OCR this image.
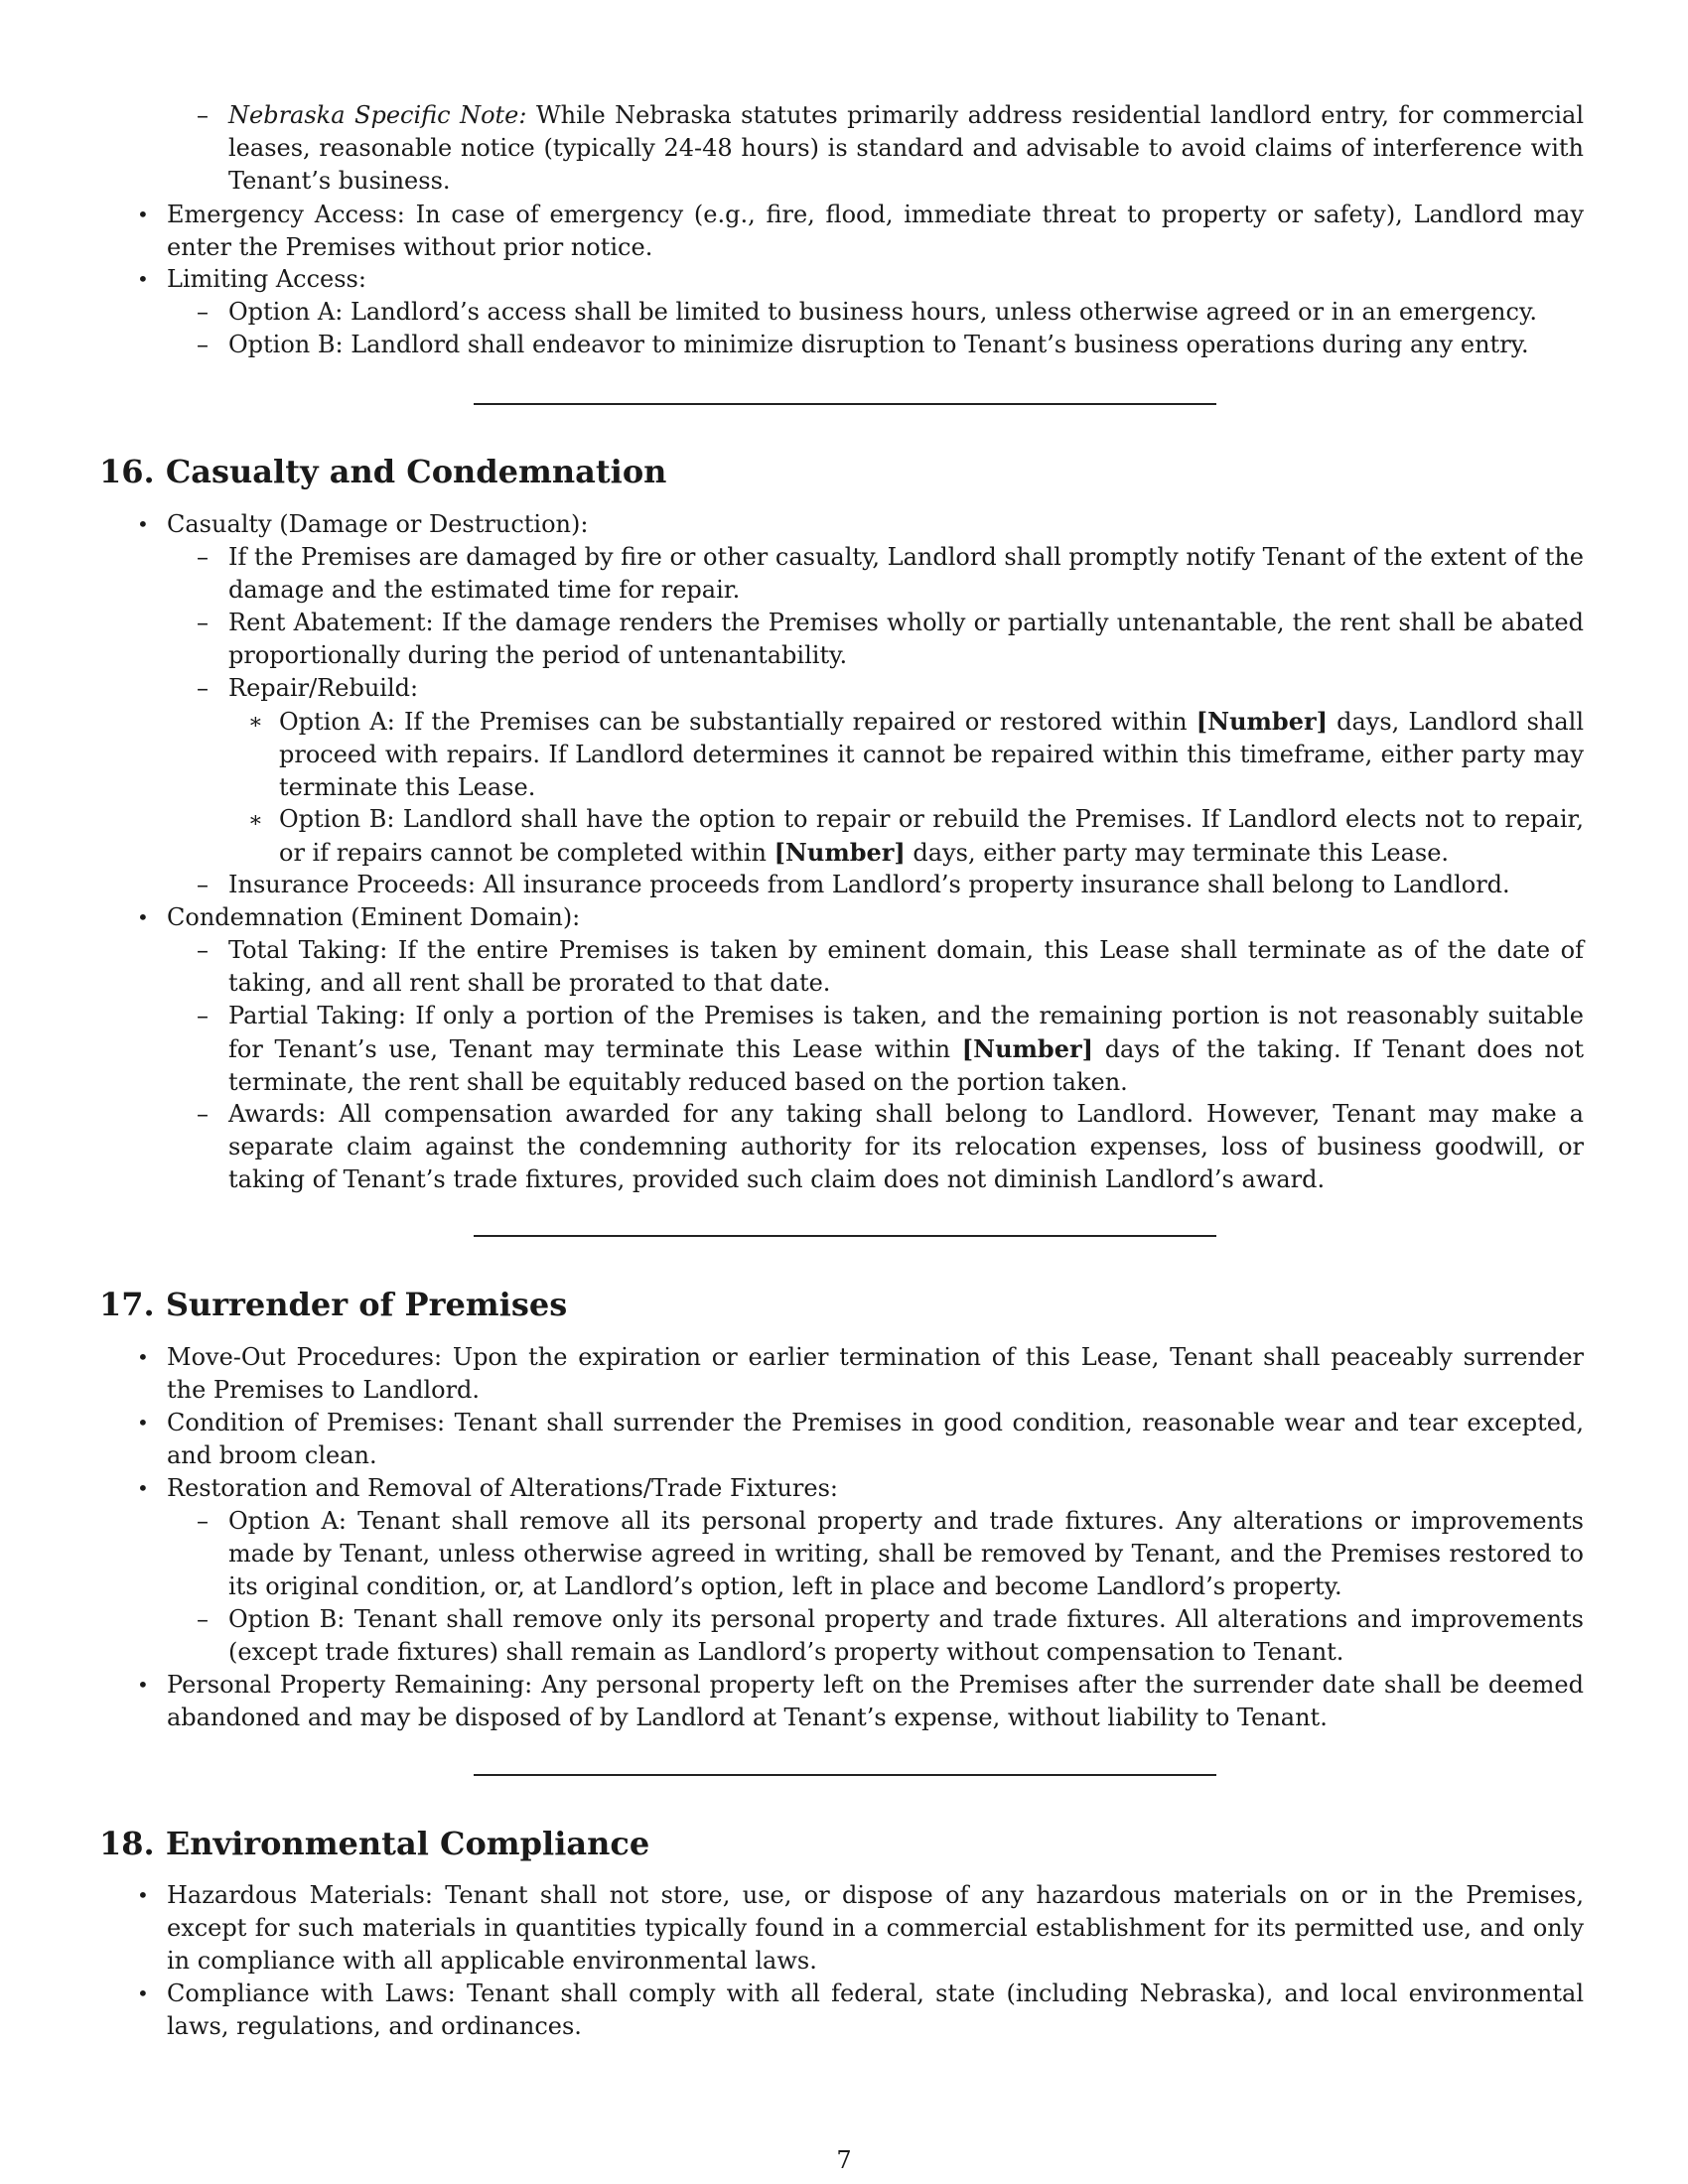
– Nebraska Specific Note: While Nebraska statutes primarily address residential landlord entry, for commercial leases, reasonable notice (typically 24-48 hours) is standard and advisable to avoid claims of interference with Tenant’s business.
• Emergency Access: In case of emergency (e.g., fire, flood, immediate threat to property or safety), Landlord may enter the Premises without prior notice.
• Limiting Access:
– Option A: Landlord’s access shall be limited to business hours, unless otherwise agreed or in an emergency.
– Option B: Landlord shall endeavor to minimize disruption to Tenant’s business operations during any entry.
16. Casualty and Condemnation
• Casualty (Damage or Destruction):
– If the Premises are damaged by fire or other casualty, Landlord shall promptly notify Tenant of the extent of the damage and the estimated time for repair.
– Rent Abatement: If the damage renders the Premises wholly or partially untenantable, the rent shall be abated proportionally during the period of untenantability.
– Repair/Rebuild:
∗ Option A: If the Premises can be substantially repaired or restored within [Number] days, Landlord shall proceed with repairs. If Landlord determines it cannot be repaired within this timeframe, either party may terminate this Lease.
∗ Option B: Landlord shall have the option to repair or rebuild the Premises. If Landlord elects not to repair, or if repairs cannot be completed within [Number] days, either party may terminate this Lease.
– Insurance Proceeds: All insurance proceeds from Landlord’s property insurance shall belong to Landlord.
• Condemnation (Eminent Domain):
– Total Taking: If the entire Premises is taken by eminent domain, this Lease shall terminate as of the date of taking, and all rent shall be prorated to that date.
– Partial Taking: If only a portion of the Premises is taken, and the remaining portion is not reasonably suitable for Tenant’s use, Tenant may terminate this Lease within [Number] days of the taking. If Tenant does not terminate, the rent shall be equitably reduced based on the portion taken.
– Awards: All compensation awarded for any taking shall belong to Landlord. However, Tenant may make a separate claim against the condemning authority for its relocation expenses, loss of business goodwill, or taking of Tenant’s trade fixtures, provided such claim does not diminish Landlord’s award.
17. Surrender of Premises
• Move-Out Procedures: Upon the expiration or earlier termination of this Lease, Tenant shall peaceably surrender the Premises to Landlord.
• Condition of Premises: Tenant shall surrender the Premises in good condition, reasonable wear and tear excepted, and broom clean.
• Restoration and Removal of Alterations/Trade Fixtures:
– Option A: Tenant shall remove all its personal property and trade fixtures. Any alterations or improvements made by Tenant, unless otherwise agreed in writing, shall be removed by Tenant, and the Premises restored to its original condition, or, at Landlord’s option, left in place and become Landlord’s property.
– Option B: Tenant shall remove only its personal property and trade fixtures. All alterations and improvements (except trade fixtures) shall remain as Landlord’s property without compensation to Tenant.
• Personal Property Remaining: Any personal property left on the Premises after the surrender date shall be deemed abandoned and may be disposed of by Landlord at Tenant’s expense, without liability to Tenant.
18. Environmental Compliance
• Hazardous Materials: Tenant shall not store, use, or dispose of any hazardous materials on or in the Premises, except for such materials in quantities typically found in a commercial establishment for its permitted use, and only in compliance with all applicable environmental laws.
• Compliance with Laws: Tenant shall comply with all federal, state (including Nebraska), and local environmental laws, regulations, and ordinances.
7
